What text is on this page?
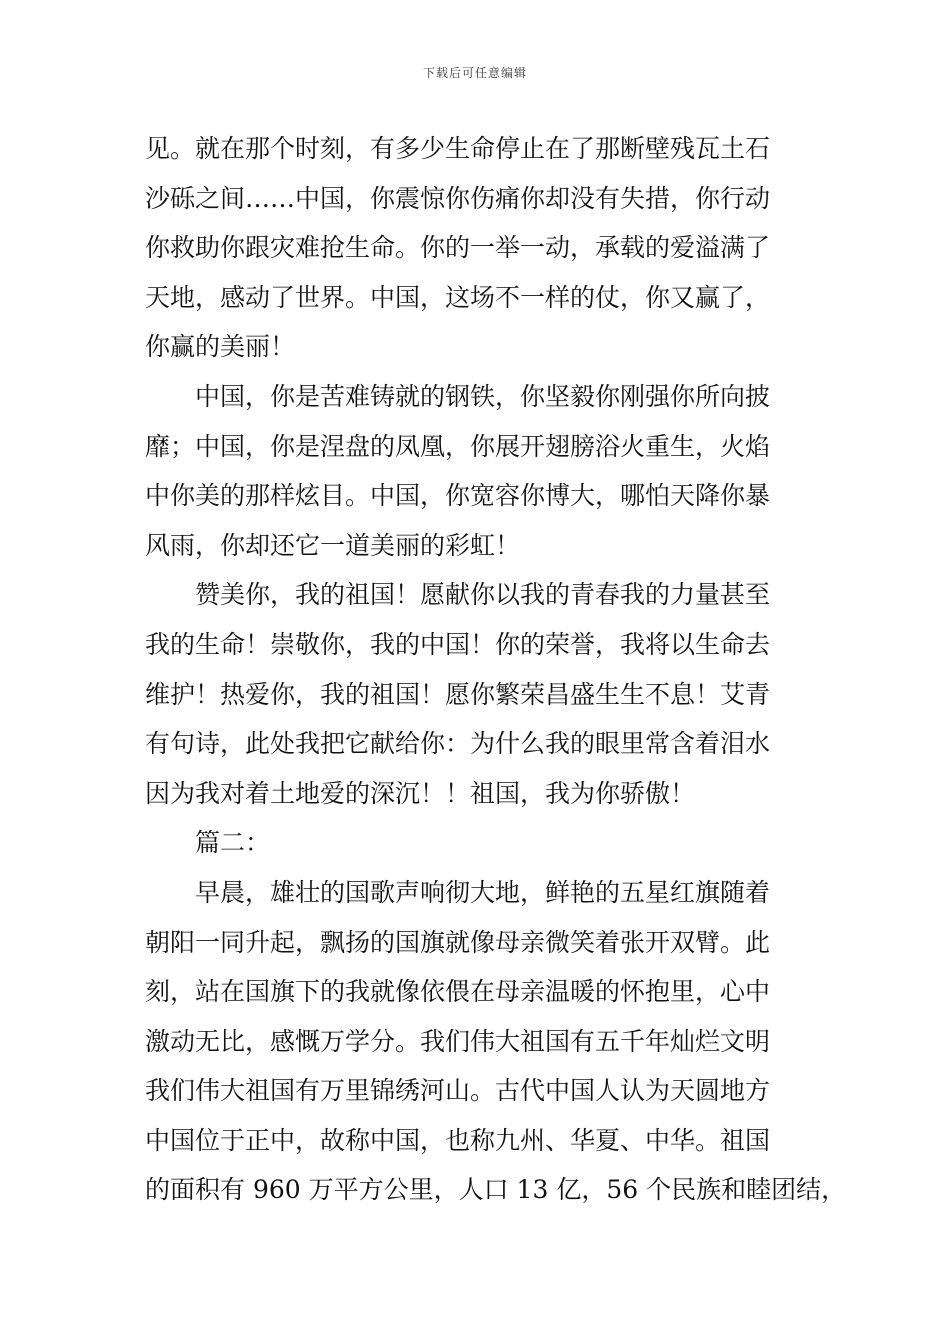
下载后可任意编辑
见。就在那个时刻，有多少生命停止在了那断壁残瓦土石
沙砾之间……中国，你震惊你伤痛你却没有失措，你行动
你救助你跟灾难抢生命。你的一举一动，承载的爱溢满了
天地，感动了世界。中国，这场不一样的仗，你又赢了，
你赢的美丽！
中国，你是苦难铸就的钢铁，你坚毅你刚强你所向披
靡；中国，你是涅盘的凤凰，你展开翅膀浴火重生，火焰
中你美的那样炫目。中国，你宽容你博大，哪怕天降你暴
风雨，你却还它一道美丽的彩虹！
赞美你，我的祖国！愿献你以我的青春我的力量甚至
我的生命！崇敬你，我的中国！你的荣誉，我将以生命去
维护！热爱你，我的祖国！愿你繁荣昌盛生生不息！艾青
有句诗，此处我把它献给你：为什么我的眼里常含着泪水
因为我对着土地爱的深沉！！祖国，我为你骄傲！
篇二：
早晨，雄壮的国歌声响彻大地，鲜艳的五星红旗随着
朝阳一同升起，飘扬的国旗就像母亲微笑着张开双臂。此
刻，站在国旗下的我就像依偎在母亲温暖的怀抱里，心中
激动无比，感慨万学分。我们伟大祖国有五千年灿烂文明
我们伟大祖国有万里锦绣河山。古代中国人认为天圆地方
中国位于正中，故称中国，也称九州、华夏、中华。祖国
的面积有 960 万平方公里，人口 13 亿，56 个民族和睦团结，
